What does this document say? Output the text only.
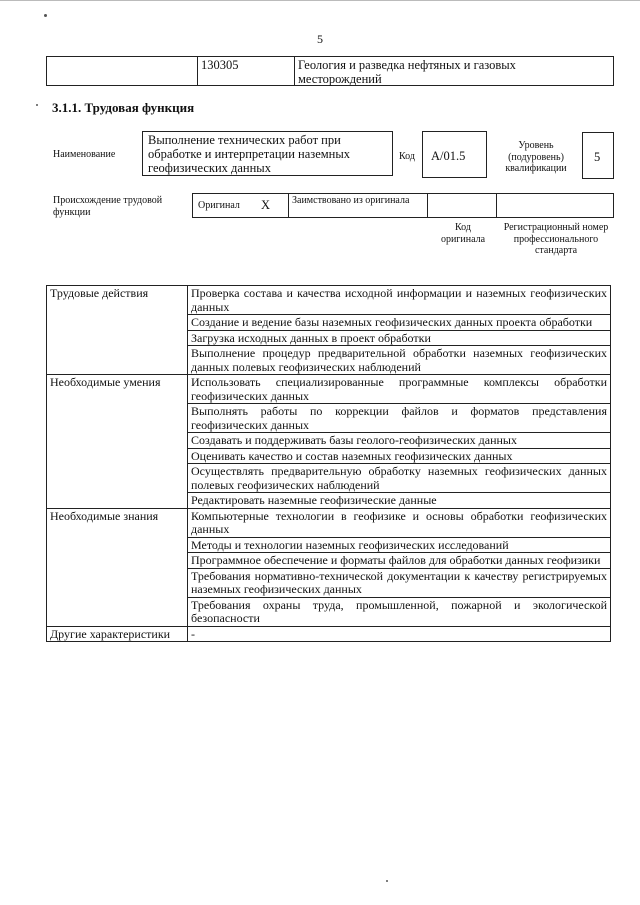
5
130305	Геология и разведка нефтяных и газовых месторождений
3.1.1. Трудовая функция
Наименование
Выполнение технических работ при обработке и интерпретации наземных геофизических данных
Код	A/01.5
Уровень (подуровень) квалификации
5
Происхождение трудовой функции
Оригинал X	Заимствовано из оригинала
Код оригинала
Регистрационный номер профессионального стандарта
Трудовые действия	Проверка состава и качества исходной информации и наземных геофизических данных
	Создание и ведение базы наземных геофизических данных проекта обработки
	Загрузка исходных данных в проект обработки
	Выполнение процедур предварительной обработки наземных геофизических данных полевых геофизических наблюдений
Необходимые умения	Использовать специализированные программные комплексы обработки геофизических данных
	Выполнять работы по коррекции файлов и форматов представления геофизических данных
	Создавать и поддерживать базы геолого-геофизических данных
	Оценивать качество и состав наземных геофизических данных
	Осуществлять предварительную обработку наземных геофизических данных полевых геофизических наблюдений
	Редактировать наземные геофизические данные
Необходимые знания	Компьютерные технологии в геофизике и основы обработки геофизических данных
	Методы и технологии наземных геофизических исследований
	Программное обеспечение и форматы файлов для обработки данных геофизики
	Требования нормативно-технической документации к качеству регистрируемых наземных геофизических данных
	Требования охраны труда, промышленной, пожарной и экологической безопасности
Другие характеристики	-
